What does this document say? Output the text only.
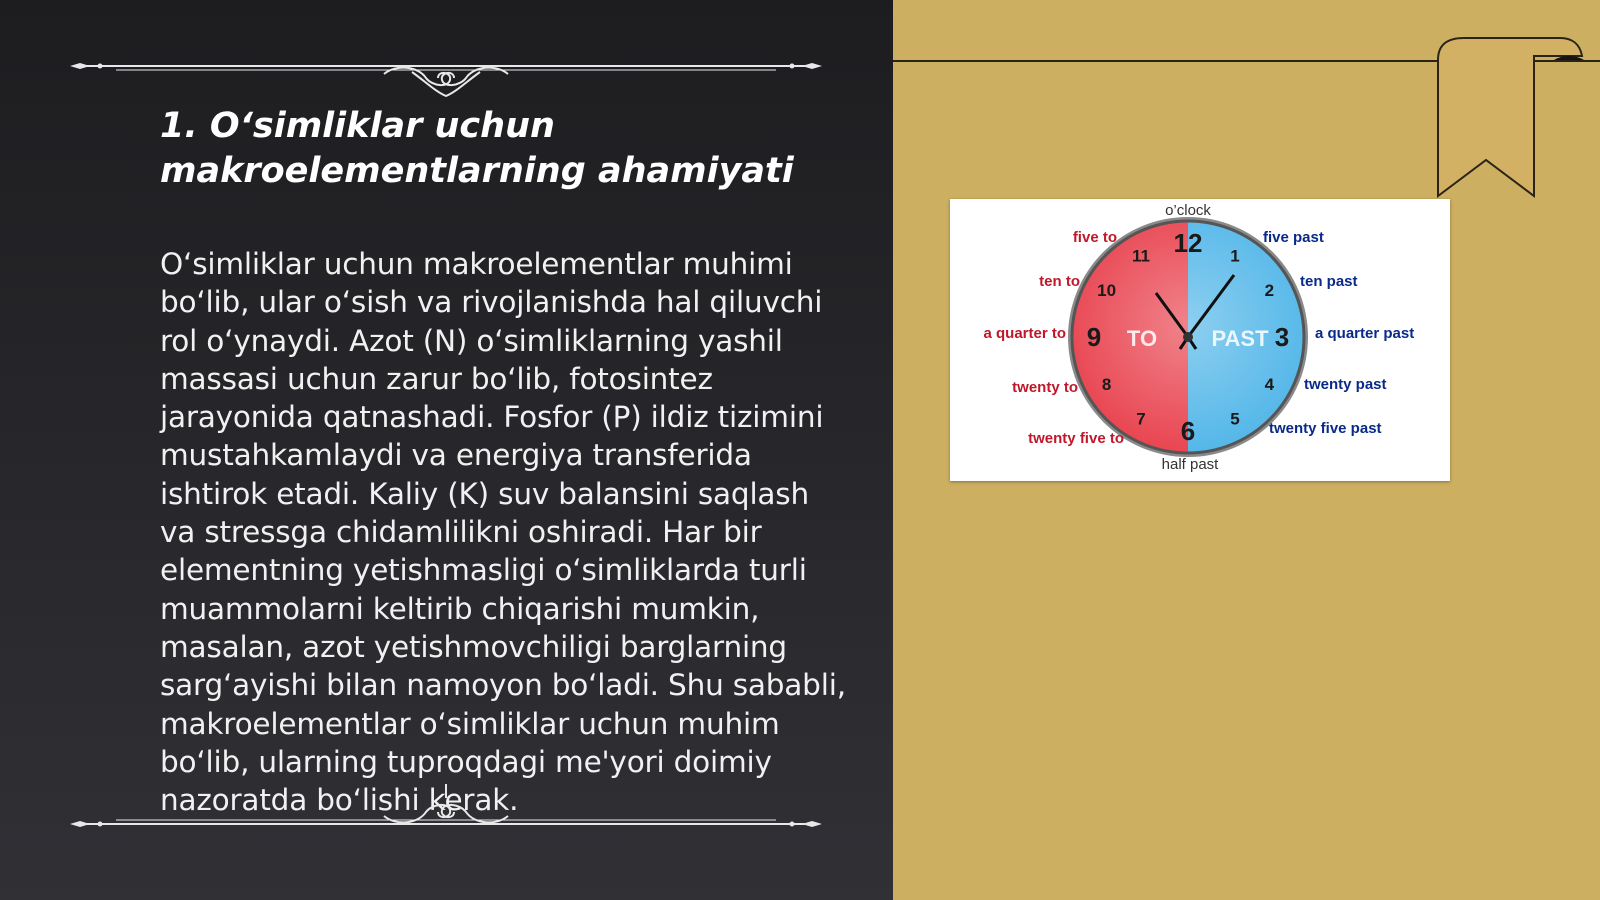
1. O‘simliklar uchun makroelementlarning ahamiyati

O‘simliklar uchun makroelementlar muhimi bo‘lib, ular o‘sish va rivojlanishda hal qiluvchi rol o‘ynaydi. Azot (N) o‘simliklarning yashil massasi uchun zarur bo‘lib, fotosintez jarayonida qatnashadi. Fosfor (P) ildiz tizimini mustahkamlaydi va energiya transferida ishtirok etadi. Kaliy (K) suv balansini saqlash va stressga chidamlilikni oshiradi. Har bir elementning yetishmasligi o‘simliklarda turli muammolarni keltirib chiqarishi mumkin, masalan, azot yetishmovchiligi barglarning sarg‘ayishi bilan namoyon bo‘ladi. Shu sababli, makroelementlar o‘simliklar uchun muhim bo‘lib, ularning tuproqdagi me'yori doimiy nazoratda bo‘lishi kerak.

12 1
2
3
4
5
6
7
8
9
10
11
TO PAST
o’clock
half past
five past
ten past
a quarter past
twenty past
twenty five past
five to
ten to
a quarter to
twenty to
twenty five to
